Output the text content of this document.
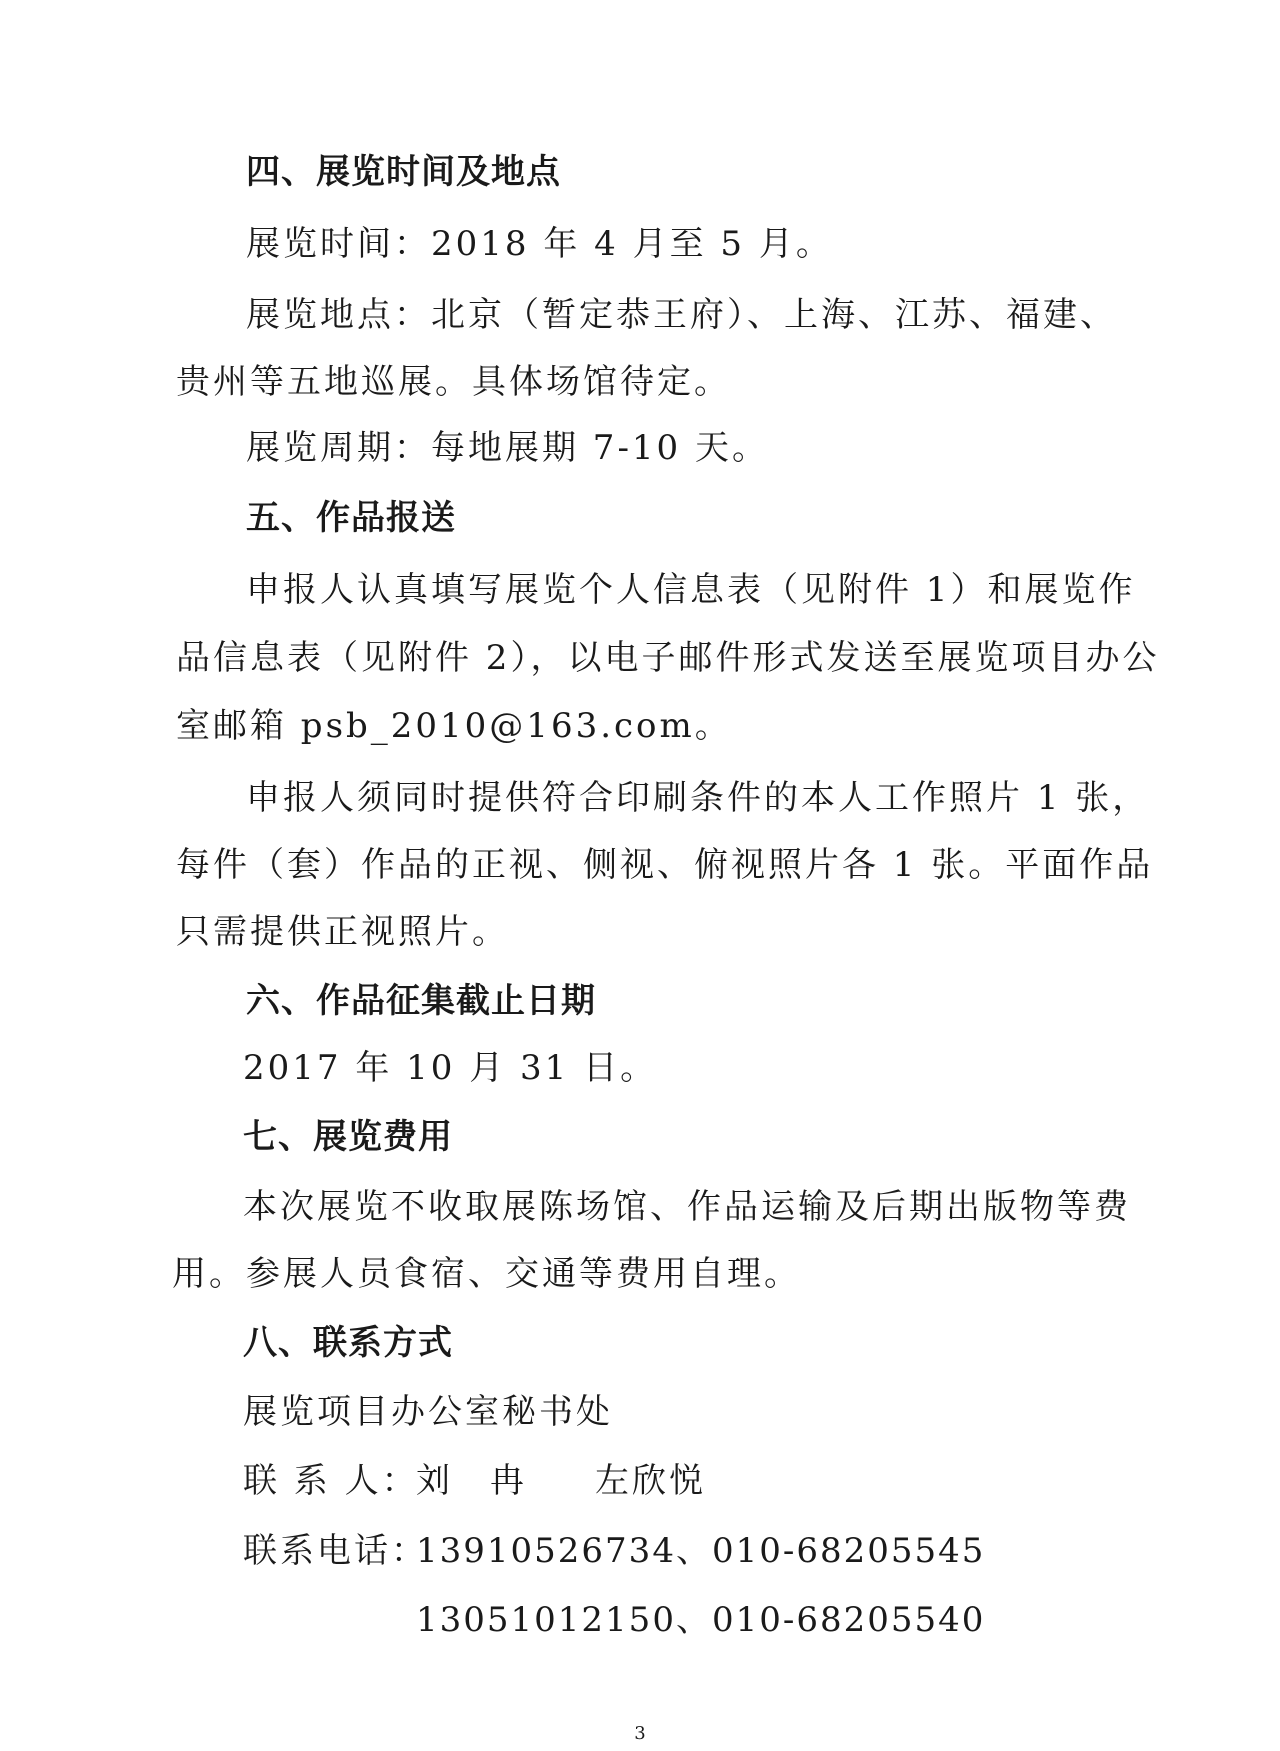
四、展览时间及地点
展览时间：2018 年 4 月至 5 月。
展览地点：北京（暂定恭王府）、上海、江苏、福建、
贵州等五地巡展。具体场馆待定。
展览周期：每地展期 7-10 天。
五、作品报送
申报人认真填写展览个人信息表（见附件 1）和展览作
品信息表（见附件 2），以电子邮件形式发送至展览项目办公
室邮箱 psb_2010@163.com。
申报人须同时提供符合印刷条件的本人工作照片 1 张，
每件（套）作品的正视、侧视、俯视照片各 1 张。平面作品
只需提供正视照片。
六、作品征集截止日期
2017 年 10 月 31 日。
七、展览费用
本次展览不收取展陈场馆、作品运输及后期出版物等费
用。参展人员食宿、交通等费用自理。
八、联系方式
展览项目办公室秘书处
联 系 人：
刘　冉 左欣悦
联系电话：
13910526734、010-68205545
13051012150、010-68205540
3
